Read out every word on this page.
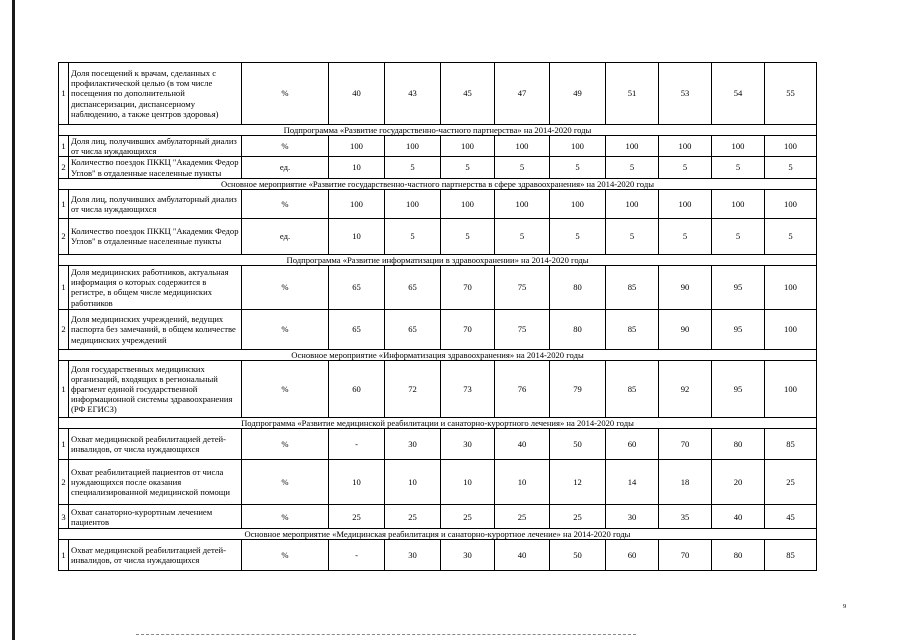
1	Доля посещений к врачам, сделанных с профилактической целью (в том числе посещения по дополнительной диспансеризации, диспансерному наблюдению, а также центров здоровья)	%	40	43	45	47	49	51	53	54	55
Подпрограмма «Развитие государственно-частного партнерства» на 2014-2020 годы											
1	Доля лиц, получивших амбулаторный диализ от числа нуждающихся	%	100	100	100	100	100	100	100	100	100
2	Количество поездок ПККЦ "Академик Федор Углов" в отдаленные населенные пункты	ед.	10	5	5	5	5	5	5	5	5
Основное мероприятие «Развитие государственно-частного партнерства в сфере здравоохранения» на 2014-2020 годы											
1	Доля лиц, получивших амбулаторный диализ от числа нуждающихся	%	100	100	100	100	100	100	100	100	100
2	Количество поездок ПККЦ "Академик Федор Углов" в отдаленные населенные пункты	ед.	10	5	5	5	5	5	5	5	5
Подпрограмма «Развитие информатизации в здравоохранении» на 2014-2020 годы											
1	Доля медицинских работников, актуальная информация о которых содержится в регистре, в общем числе медицинских работников	%	65	65	70	75	80	85	90	95	100
2	Доля медицинских учреждений, ведущих паспорта без замечаний, в общем количестве медицинских учреждений	%	65	65	70	75	80	85	90	95	100
Основное мероприятие «Информатизация здравоохранения» на 2014-2020 годы											
1	Доля государственных медицинских организаций, входящих в региональный фрагмент единой государственной информационной системы здравоохранения (РФ ЕГИСЗ)	%	60	72	73	76	79	85	92	95	100
Подпрограмма «Развитие медицинской реабилитации и санаторно-курортного лечения» на 2014-2020 годы											
1	Охват медицинской реабилитацией детей-инвалидов, от числа нуждающихся	%	-	30	30	40	50	60	70	80	85
2	Охват реабилитацией пациентов от числа нуждающихся после оказания специализированной медицинской помощи	%	10	10	10	10	12	14	18	20	25
3	Охват санаторно-курортным лечением пациентов	%	25	25	25	25	25	30	35	40	45
Основное мероприятие «Медицинская реабилитация и санаторно-курортное лечение» на 2014-2020 годы											
1	Охват медицинской реабилитацией детей-инвалидов, от числа нуждающихся	%	-	30	30	40	50	60	70	80	85
9
